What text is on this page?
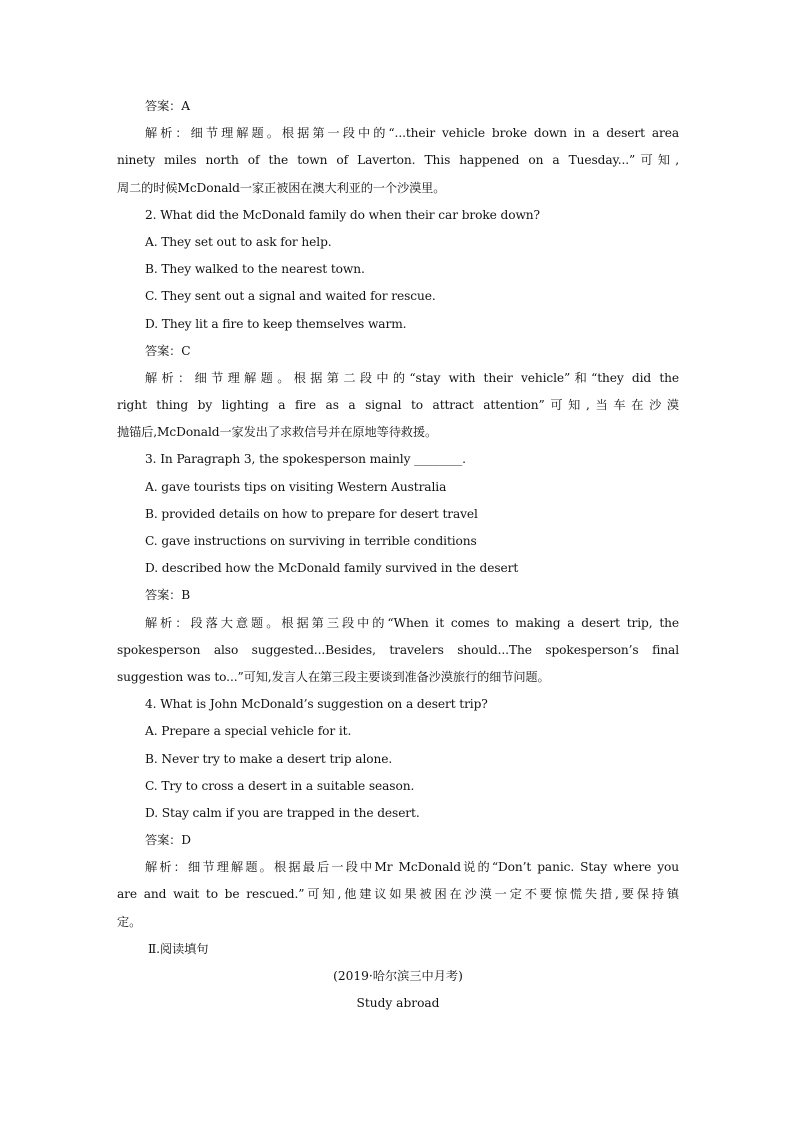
答案：A
解析：细节理解题。根据第一段中的“...their vehicle broke down in a desert area
ninety miles north of the town of Laverton. This happened on a Tuesday...”可知,
周二的时候McDonald一家正被困在澳大利亚的一个沙漠里。
2. What did the McDonald family do when their car broke down?
A. They set out to ask for help.
B. They walked to the nearest town.
C. They sent out a signal and waited for rescue.
D. They lit a fire to keep themselves warm.
答案：C
解析：细节理解题。根据第二段中的“stay with their vehicle”和“they did the
right thing by lighting a fire as a signal to attract attention”可知,当车在沙漠
抛锚后,McDonald一家发出了求救信号并在原地等待救援。
3. In Paragraph 3, the spokesperson mainly ________.
A. gave tourists tips on visiting Western Australia
B. provided details on how to prepare for desert travel
C. gave instructions on surviving in terrible conditions
D. described how the McDonald family survived in the desert
答案：B
解析：段落大意题。根据第三段中的“When it comes to making a desert trip, the
spokesperson also suggested...Besides, travelers should...The spokesperson’s final
suggestion was to...”可知,发言人在第三段主要谈到准备沙漠旅行的细节问题。
4. What is John McDonald’s suggestion on a desert trip?
A. Prepare a special vehicle for it.
B. Never try to make a desert trip alone.
C. Try to cross a desert in a suitable season.
D. Stay calm if you are trapped in the desert.
答案：D
解析：细节理解题。根据最后一段中Mr McDonald说的“Don’t panic. Stay where you
are and wait to be rescued.”可知,他建议如果被困在沙漠一定不要惊慌失措,要保持镇
定。
Ⅱ.阅读填句
(2019·哈尔滨三中月考)
Study abroad
